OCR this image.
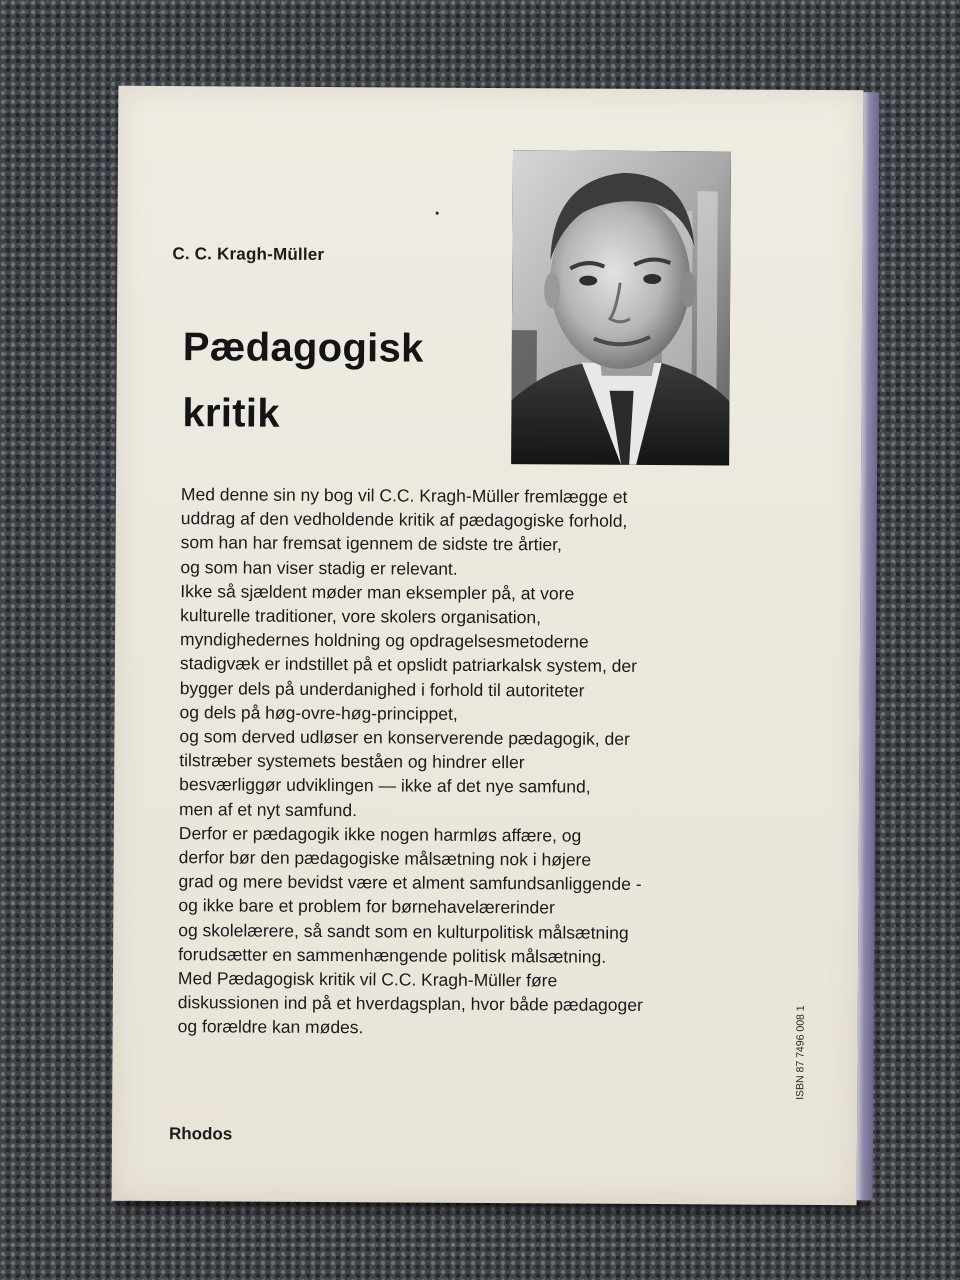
C. C. Kragh-Müller
Pædagogisk
kritik
Med denne sin ny bog vil C.C. Kragh-Müller fremlægge et
uddrag af den vedholdende kritik af pædagogiske forhold,
som han har fremsat igennem de sidste tre årtier,
og som han viser stadig er relevant.
Ikke så sjældent møder man eksempler på, at vore
kulturelle traditioner, vore skolers organisation,
myndighedernes holdning og opdragelsesmetoderne
stadigvæk er indstillet på et opslidt patriarkalsk system, der
bygger dels på underdanighed i forhold til autoriteter
og dels på høg-ovre-høg-princippet,
og som derved udløser en konserverende pædagogik, der
tilstræber systemets beståen og hindrer eller
besværliggør udviklingen — ikke af det nye samfund,
men af et nyt samfund.
Derfor er pædagogik ikke nogen harmløs affære, og
derfor bør den pædagogiske målsætning nok i højere
grad og mere bevidst være et alment samfundsanliggende -
og ikke bare et problem for børnehavelærerinder
og skolelærere, så sandt som en kulturpolitisk målsætning
forudsætter en sammenhængende politisk målsætning.
Med Pædagogisk kritik vil C.C. Kragh-Müller føre
diskussionen ind på et hverdagsplan, hvor både pædagoger
og forældre kan mødes.
Rhodos
ISBN 87 7496 008 1
